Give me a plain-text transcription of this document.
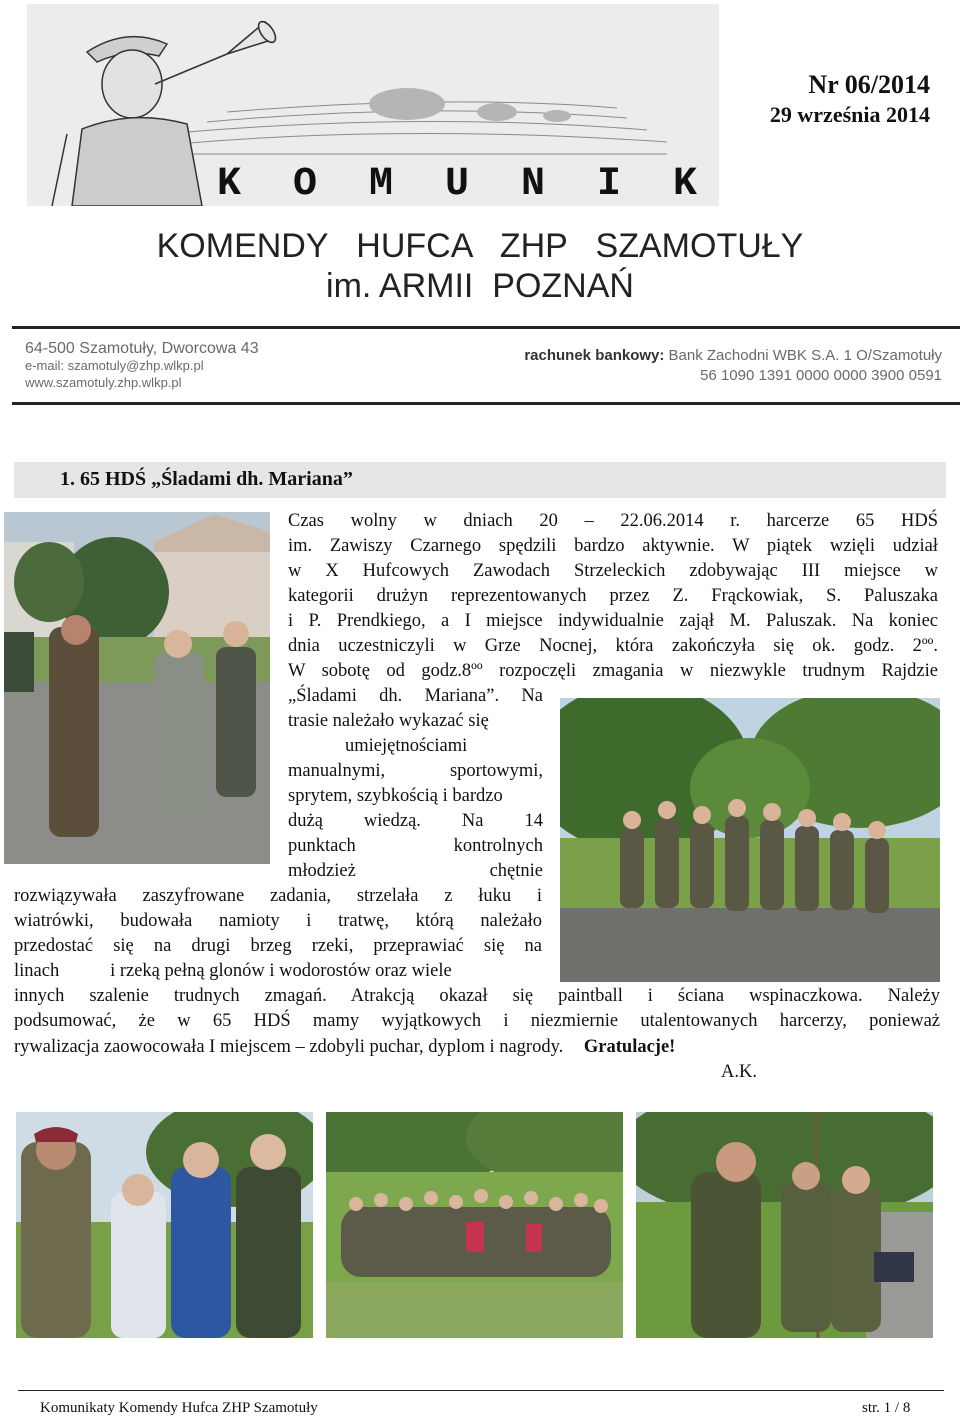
K O M U N I K
Nr 06/2014
29 września 2014
KOMENDY   HUFCA   ZHP   SZAMOTUŁY
im. ARMII  POZNAŃ
64-500 Szamotuły, Dworcowa 43
e-mail: szamotuly@zhp.wlkp.pl
www.szamotuly.zhp.wlkp.pl
rachunek bankowy: Bank Zachodni WBK S.A. 1 O/Szamotuły
56 1090 1391 0000 0000 3900 0591
1. 65 HDŚ „Śladami dh. Mariana”
Czas wolny w dniach 20 – 22.06.2014 r. harcerze 65 HDŚ
im. Zawiszy Czarnego spędzili bardzo aktywnie. W piątek wzięli udział
w X Hufcowych Zawodach Strzeleckich zdobywając III miejsce w
kategorii drużyn reprezentowanych przez Z. Frąckowiak, S. Paluszaka
i P. Prendkiego, a I miejsce indywidualnie zajął M. Paluszak. Na koniec
dnia uczestniczyli w Grze Nocnej, która zakończyła się ok. godz. 2ºº.
W sobotę od godz.8ºº rozpoczęli zmagania w niezwykle trudnym Rajdzie
„Śladami dh. Mariana”. Na
trasie należało wykazać się
umiejętnościami
manualnymi, sportowymi,
sprytem, szybkością i bardzo
dużą wiedzą. Na 14
punktach kontrolnych
młodzież chętnie
rozwiązywała zaszyfrowane zadania, strzelała z łuku i
wiatrówki, budowała namioty i tratwę, którą należało
przedostać się na drugi brzeg rzeki, przeprawiać się na
linach           i rzeką pełną glonów i wodorostów oraz wiele
innych szalenie trudnych zmagań. Atrakcją okazał się paintball i ściana wspinaczkowa. Należy
podsumować, że w 65 HDŚ mamy wyjątkowych i niezmiernie utalentowanych harcerzy, ponieważ
rywalizacja zaowocowała I miejscem – zdobyli puchar, dyplom i nagrody. Gratulacje!
A.K.
Komunikaty Komendy Hufca ZHP Szamotuły	str. 1 / 8
